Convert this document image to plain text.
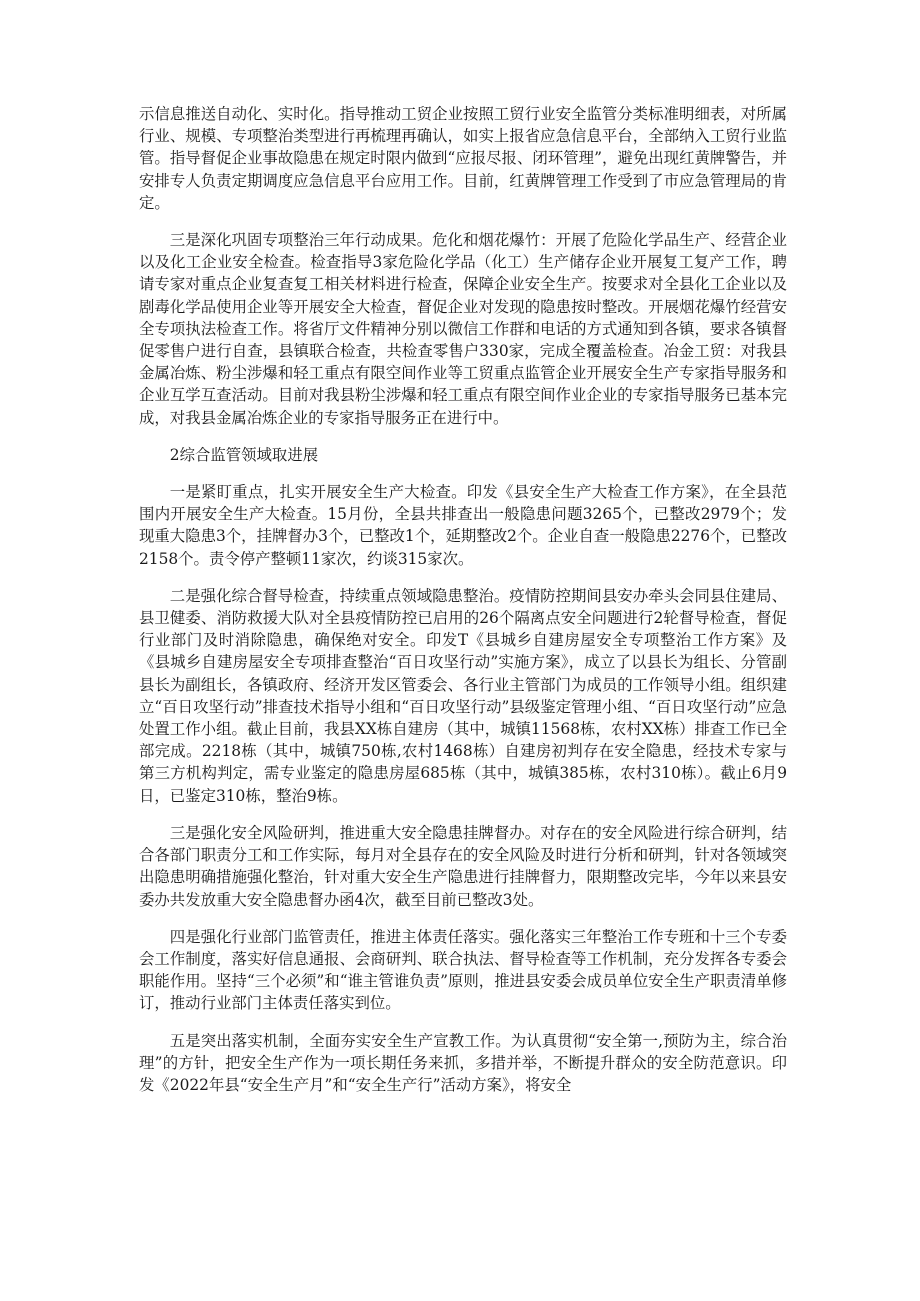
示信息推送自动化、实时化。指导推动工贸企业按照工贸行业安全监管分类标准明细表，对所属行业、规模、专项整治类型进行再梳理再确认，如实上报省应急信息平台，全部纳入工贸行业监管。指导督促企业事故隐患在规定时限内做到“应报尽报、闭环管理”，避免出现红黄牌警告，并安排专人负责定期调度应急信息平台应用工作。目前，红黄牌管理工作受到了市应急管理局的肯定。

三是深化巩固专项整治三年行动成果。危化和烟花爆竹：开展了危险化学品生产、经营企业以及化工企业安全检查。检查指导3家危险化学品（化工）生产储存企业开展复工复产工作，聘请专家对重点企业复查复工相关材料进行检查，保障企业安全生产。按要求对全县化工企业以及剧毒化学品使用企业等开展安全大检查，督促企业对发现的隐患按时整改。开展烟花爆竹经营安全专项执法检查工作。将省厅文件精神分别以微信工作群和电话的方式通知到各镇，要求各镇督促零售户进行自查，县镇联合检查，共检查零售户330家，完成全覆盖检查。冶金工贸：对我县金属冶炼、粉尘涉爆和轻工重点有限空间作业等工贸重点监管企业开展安全生产专家指导服务和企业互学互查活动。目前对我县粉尘涉爆和轻工重点有限空间作业企业的专家指导服务已基本完成，对我县金属冶炼企业的专家指导服务正在进行中。

2综合监管领域取进展

一是紧盯重点，扎实开展安全生产大检查。印发《县安全生产大检查工作方案》，在全县范围内开展安全生产大检查。15月份，全县共排查出一般隐患问题3265个，已整改2979个；发现重大隐患3个，挂牌督办3个，已整改1个，延期整改2个。企业自查一般隐患2276个，已整改2158个。责令停产整顿11家次，约谈315家次。

二是强化综合督导检查，持续重点领域隐患整治。疫情防控期间县安办牵头会同县住建局、县卫健委、消防救援大队对全县疫情防控已启用的26个隔离点安全问题进行2轮督导检查，督促行业部门及时消除隐患，确保绝对安全。印发T《县城乡自建房屋安全专项整治工作方案》及《县城乡自建房屋安全专项排查整治“百日攻坚行动”实施方案》，成立了以县长为组长、分管副县长为副组长，各镇政府、经济开发区管委会、各行业主管部门为成员的工作领导小组。组织建立“百日攻坚行动”排查技术指导小组和“百日攻坚行动”县级鉴定管理小组、“百日攻坚行动”应急处置工作小组。截止目前，我县XX栋自建房（其中，城镇11568栋，农村XX栋）排查工作已全部完成。2218栋（其中，城镇750栋,农村1468栋）自建房初判存在安全隐患，经技术专家与第三方机构判定，需专业鉴定的隐患房屋685栋（其中，城镇385栋，农村310栋）。截止6月9日，已鉴定310栋，整治9栋。

三是强化安全风险研判，推进重大安全隐患挂牌督办。对存在的安全风险进行综合研判，结合各部门职责分工和工作实际，每月对全县存在的安全风险及时进行分析和研判，针对各领域突出隐患明确措施强化整治，针对重大安全生产隐患进行挂牌督力，限期整改完毕，今年以来县安委办共发放重大安全隐患督办函4次，截至目前已整改3处。

四是强化行业部门监管责任，推进主体责任落实。强化落实三年整治工作专班和十三个专委会工作制度，落实好信息通报、会商研判、联合执法、督导检查等工作机制，充分发挥各专委会职能作用。坚持“三个必须”和“谁主管谁负责”原则，推进县安委会成员单位安全生产职责清单修订，推动行业部门主体责任落实到位。

五是突出落实机制，全面夯实安全生产宣教工作。为认真贯彻“安全第一,预防为主，综合治理”的方针，把安全生产作为一项长期任务来抓，多措并举，不断提升群众的安全防范意识。印发《2022年县“安全生产月”和“安全生产行”活动方案》，将安全
